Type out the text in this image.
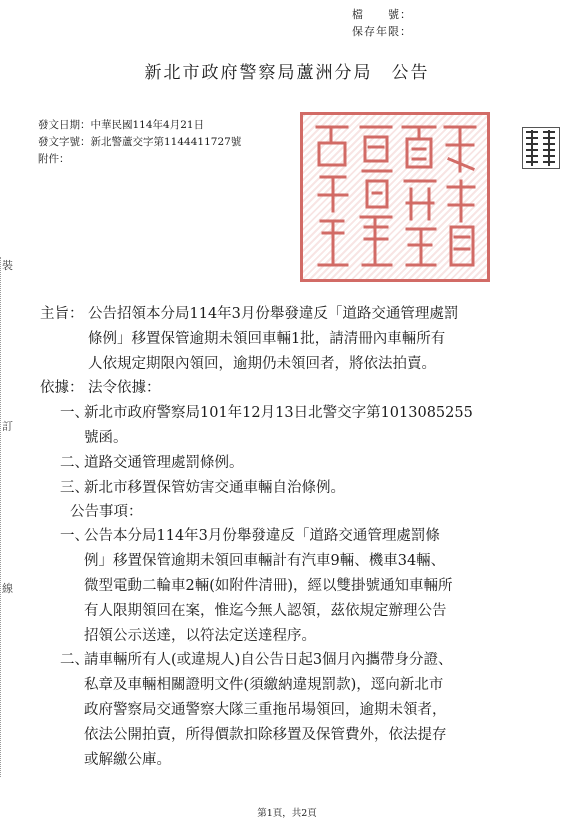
檔　　號：
保存年限：
新北市政府警察局蘆洲分局　公告
發文日期：中華民國114年4月21日
發文字號：新北警蘆交字第1144411727號
附件：
裝
訂
線
主旨： 公告招領本分局114年3月份舉發違反「道路交通管理處罰
條例」移置保管逾期未領回車輛1批，請清冊內車輛所有
人依規定期限內領回，逾期仍未領回者，將依法拍賣。
依據： 法令依據：
一、
新北市政府警察局101年12月13日北警交字第1013085255
號函。
二、
道路交通管理處罰條例。
三、
新北市移置保管妨害交通車輛自治條例。
公告事項：
一、
公告本分局114年3月份舉發違反「道路交通管理處罰條
例」移置保管逾期未領回車輛計有汽車9輛、機車34輛、
微型電動二輪車2輛(如附件清冊)，經以雙掛號通知車輛所
有人限期領回在案，惟迄今無人認領，茲依規定辦理公告
招領公示送達，以符法定送達程序。
二、
請車輛所有人(或違規人)自公告日起3個月內攜帶身分證、
私章及車輛相關證明文件(須繳納違規罰款)，逕向新北市
政府警察局交通警察大隊三重拖吊場領回，逾期未領者，
依法公開拍賣，所得價款扣除移置及保管費外，依法提存
或解繳公庫。
第1頁，共2頁
